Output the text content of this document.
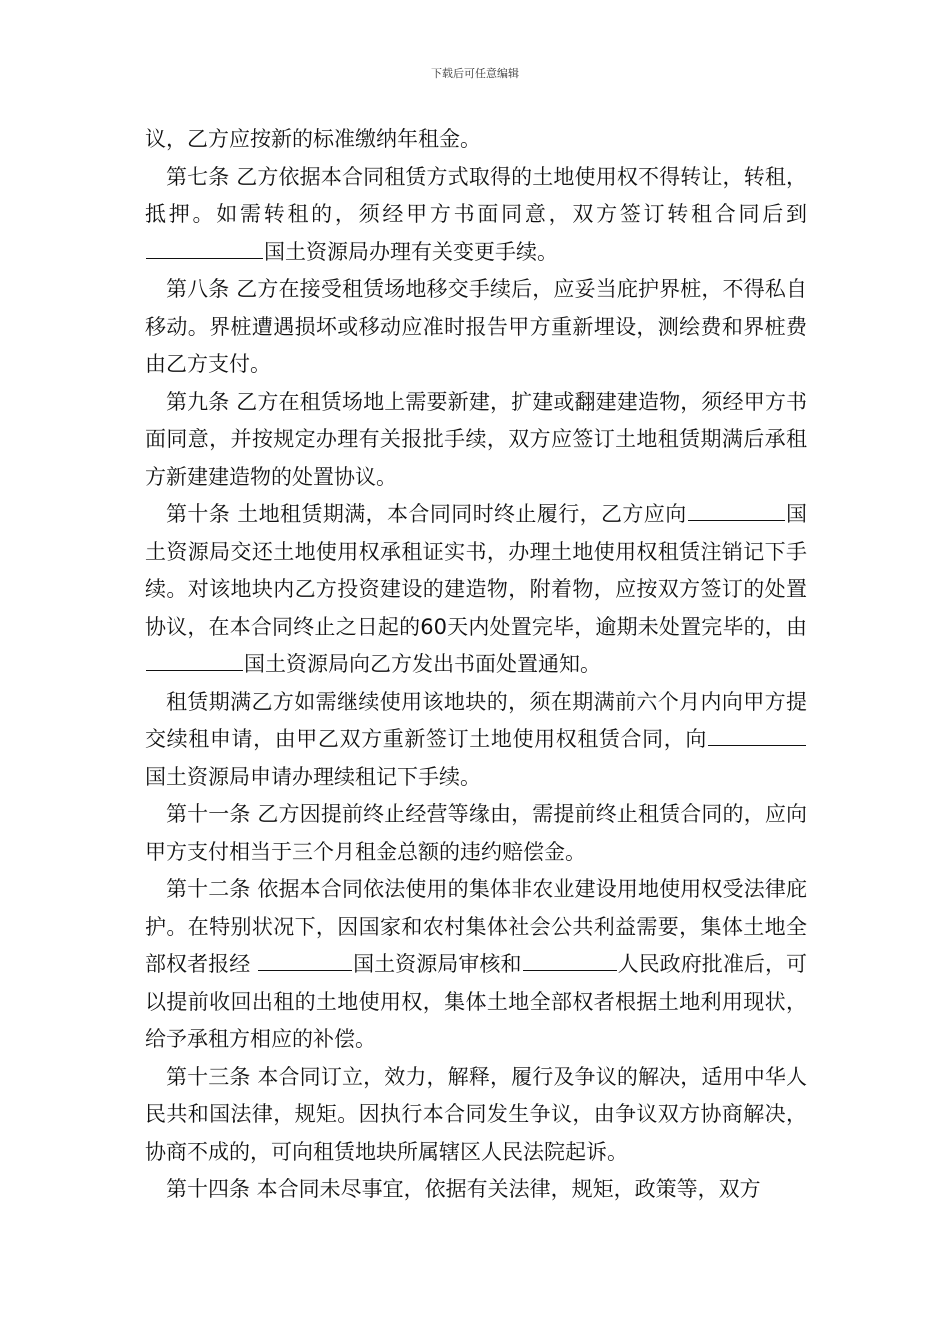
下载后可任意编辑

议，乙方应按新的标准缴纳年租金。

第七条 乙方依据本合同租赁方式取得的土地使用权不得转让，转租，抵押。如需转租的，须经甲方书面同意，双方签订转租合同后到国土资源局办理有关变更手续。

第八条 乙方在接受租赁场地移交手续后，应妥当庇护界桩，不得私自移动。界桩遭遇损坏或移动应准时报告甲方重新埋设，测绘费和界桩费由乙方支付。

第九条 乙方在租赁场地上需要新建，扩建或翻建建造物，须经甲方书面同意，并按规定办理有关报批手续，双方应签订土地租赁期满后承租方新建建造物的处置协议。

第十条 土地租赁期满，本合同同时终止履行，乙方应向	国土资源局交还土地使用权承租证实书，办理土地使用权租赁注销记下手续。对该地块内乙方投资建设的建造物，附着物，应按双方签订的处置协议，在本合同终止之日起的60天内处置完毕，逾期未处置完毕的，由国土资源局向乙方发出书面处置通知。

租赁期满乙方如需继续使用该地块的，须在期满前六个月内向甲方提交续租申请，由甲乙双方重新签订土地使用权租赁合同，向国土资源局申请办理续租记下手续。

第十一条 乙方因提前终止经营等缘由，需提前终止租赁合同的，应向甲方支付相当于三个月租金总额的违约赔偿金。

第十二条 依据本合同依法使用的集体非农业建设用地使用权受法律庇护。在特别状况下，因国家和农村集体社会公共利益需要，集体土地全部权者报经	国土资源局审核和	人民政府批准后，可以提前收回出租的土地使用权，集体土地全部权者根据土地利用现状，给予承租方相应的补偿。

第十三条 本合同订立，效力，解释，履行及争议的解决，适用中华人民共和国法律，规矩。因执行本合同发生争议，由争议双方协商解决，协商不成的，可向租赁地块所属辖区人民法院起诉。

第十四条 本合同未尽事宜，依据有关法律，规矩，政策等，双方
